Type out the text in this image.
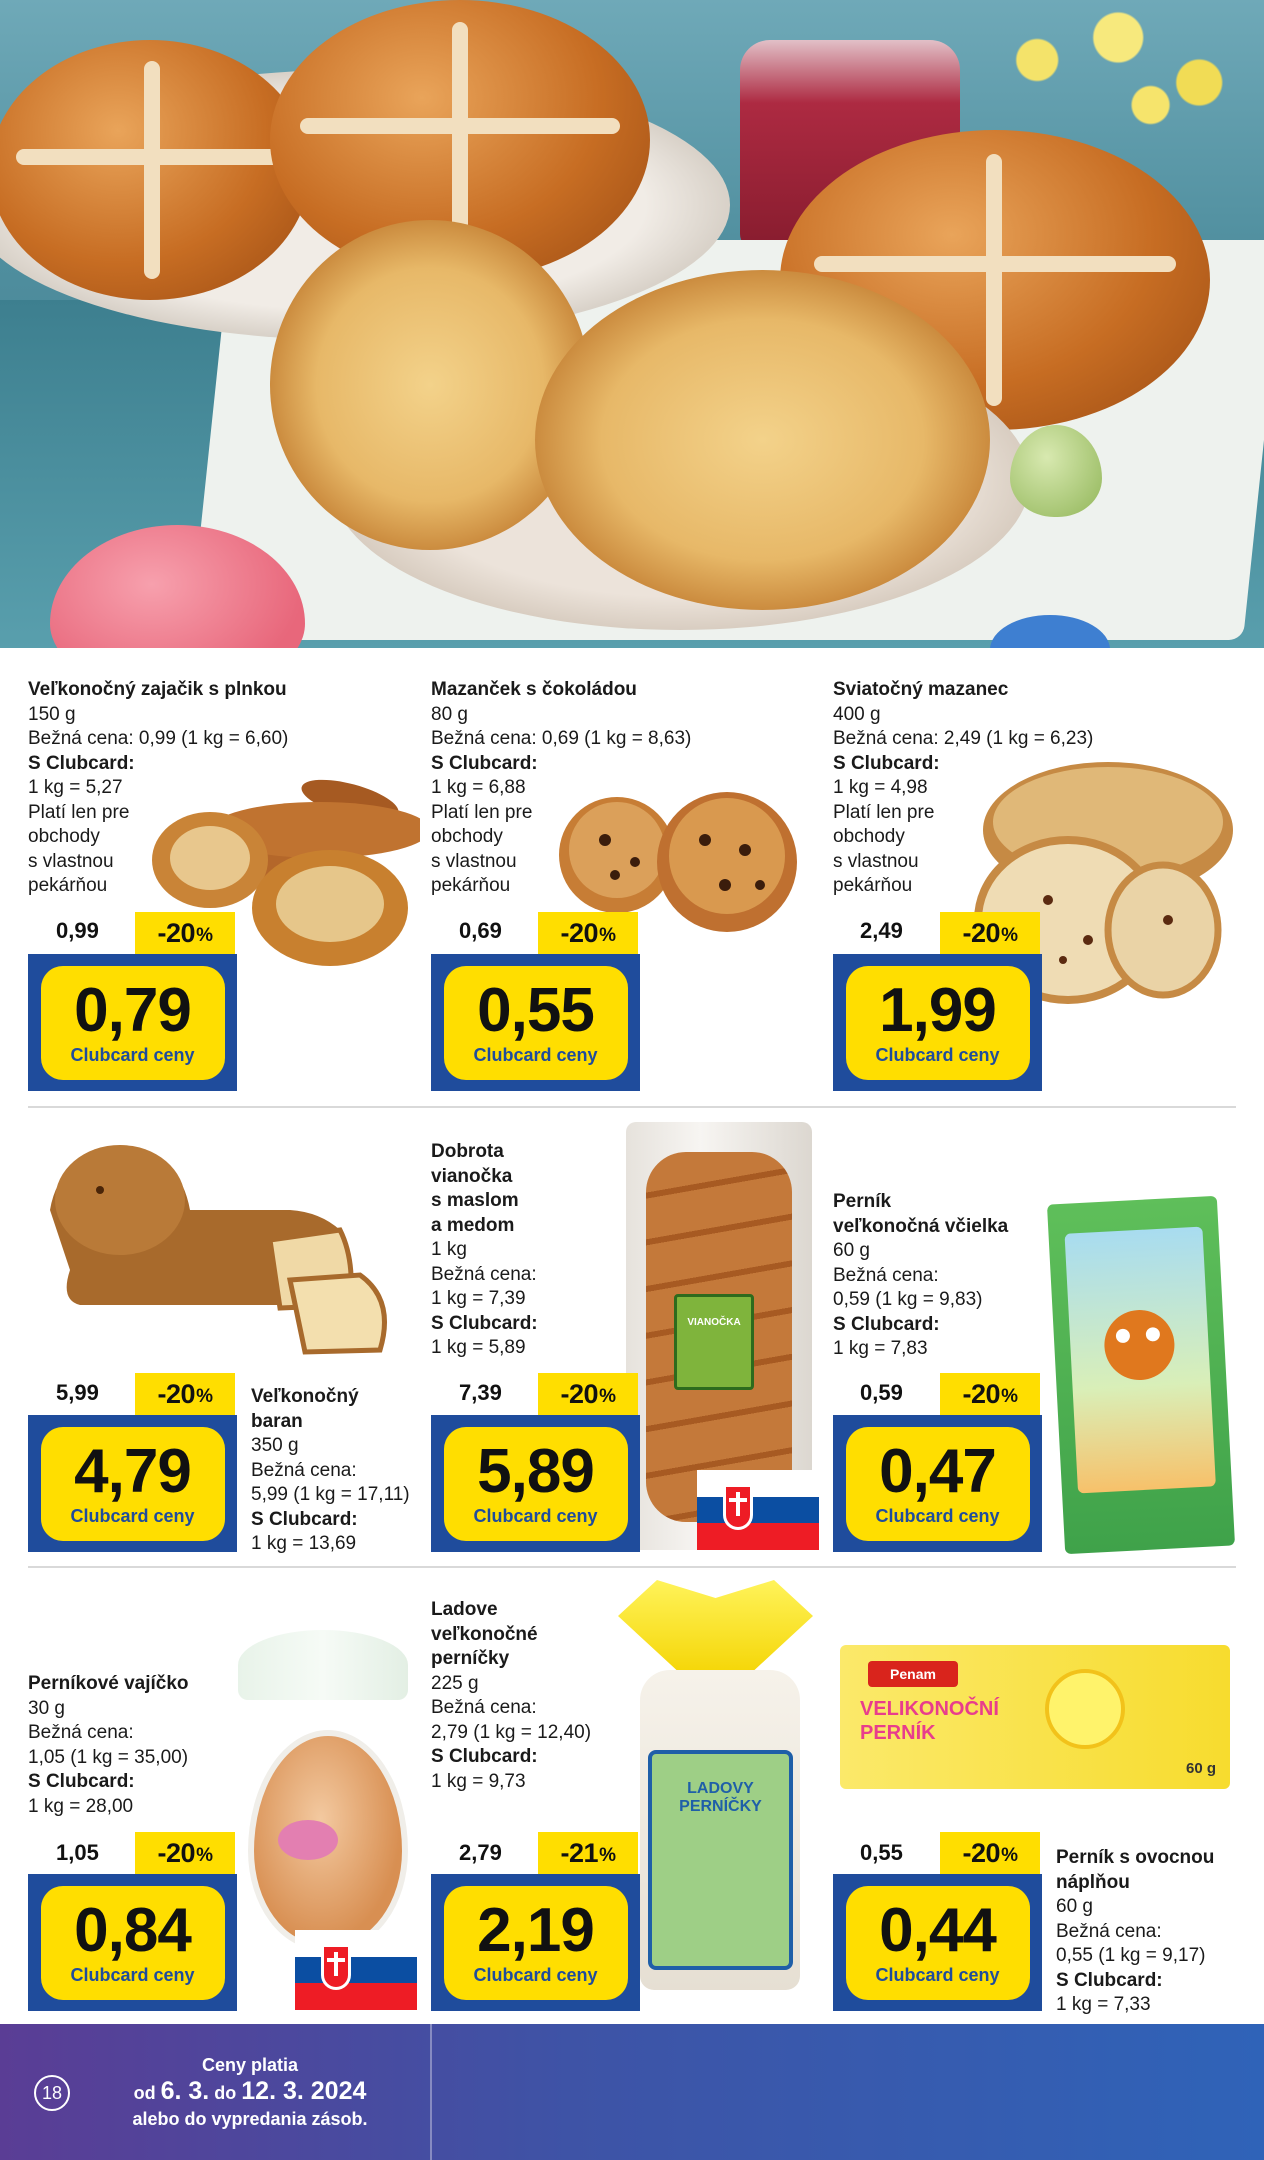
Veľkonočný zajačik s plnkou
150 g
Bežná cena: 0,99 (1 kg = 6,60)
S Clubcard:
1 kg = 5,27
Platí len pre
obchody
s vlastnou
pekárňou
0,99 -20 %
0,79
Clubcard ceny
Mazanček s čokoládou
80 g
Bežná cena: 0,69 (1 kg = 8,63)
S Clubcard:
1 kg = 6,88
Platí len pre
obchody
s vlastnou
pekárňou
0,69 -20 %
0,55
Clubcard ceny
Sviatočný mazanec
400 g
Bežná cena: 2,49 (1 kg = 6,23)
S Clubcard:
1 kg = 4,98
Platí len pre
obchody
s vlastnou
pekárňou
2,49 -20 %
1,99
Clubcard ceny
5,99 -20 %
4,79
Clubcard ceny
Veľkonočný
baran
350 g
Bežná cena:
5,99 (1 kg = 17,11)
S Clubcard:
1 kg = 13,69
Dobrota
vianočka
s maslom
a medom
1 kg
Bežná cena:
1 kg = 7,39
S Clubcard:
1 kg = 5,89
VIANOČKA
7,39 -20 %
5,89
Clubcard ceny
Perník
veľkonočná včielka
60 g
Bežná cena:
0,59 (1 kg = 9,83)
S Clubcard:
1 kg = 7,83
0,59 -20 %
0,47
Clubcard ceny
Perníkové vajíčko
30 g
Bežná cena:
1,05 (1 kg = 35,00)
S Clubcard:
1 kg = 28,00
1,05 -20 %
0,84
Clubcard ceny
Ladove
veľkonočné
perníčky
225 g
Bežná cena:
2,79 (1 kg = 12,40)
S Clubcard:
1 kg = 9,73	LADOVY PERNÍČKY
2,79 -21 %
2,19
Clubcard ceny
Penam
VELIKONOČNÍ PERNÍK
60 g
0,55 -20 %
0,44
Clubcard ceny
Perník s ovocnou
náplňou
60 g
Bežná cena:
0,55 (1 kg = 9,17)
S Clubcard:
1 kg = 7,33
18
Ceny platia
od 6. 3. do 12. 3. 2024
alebo do vypredania zásob.
